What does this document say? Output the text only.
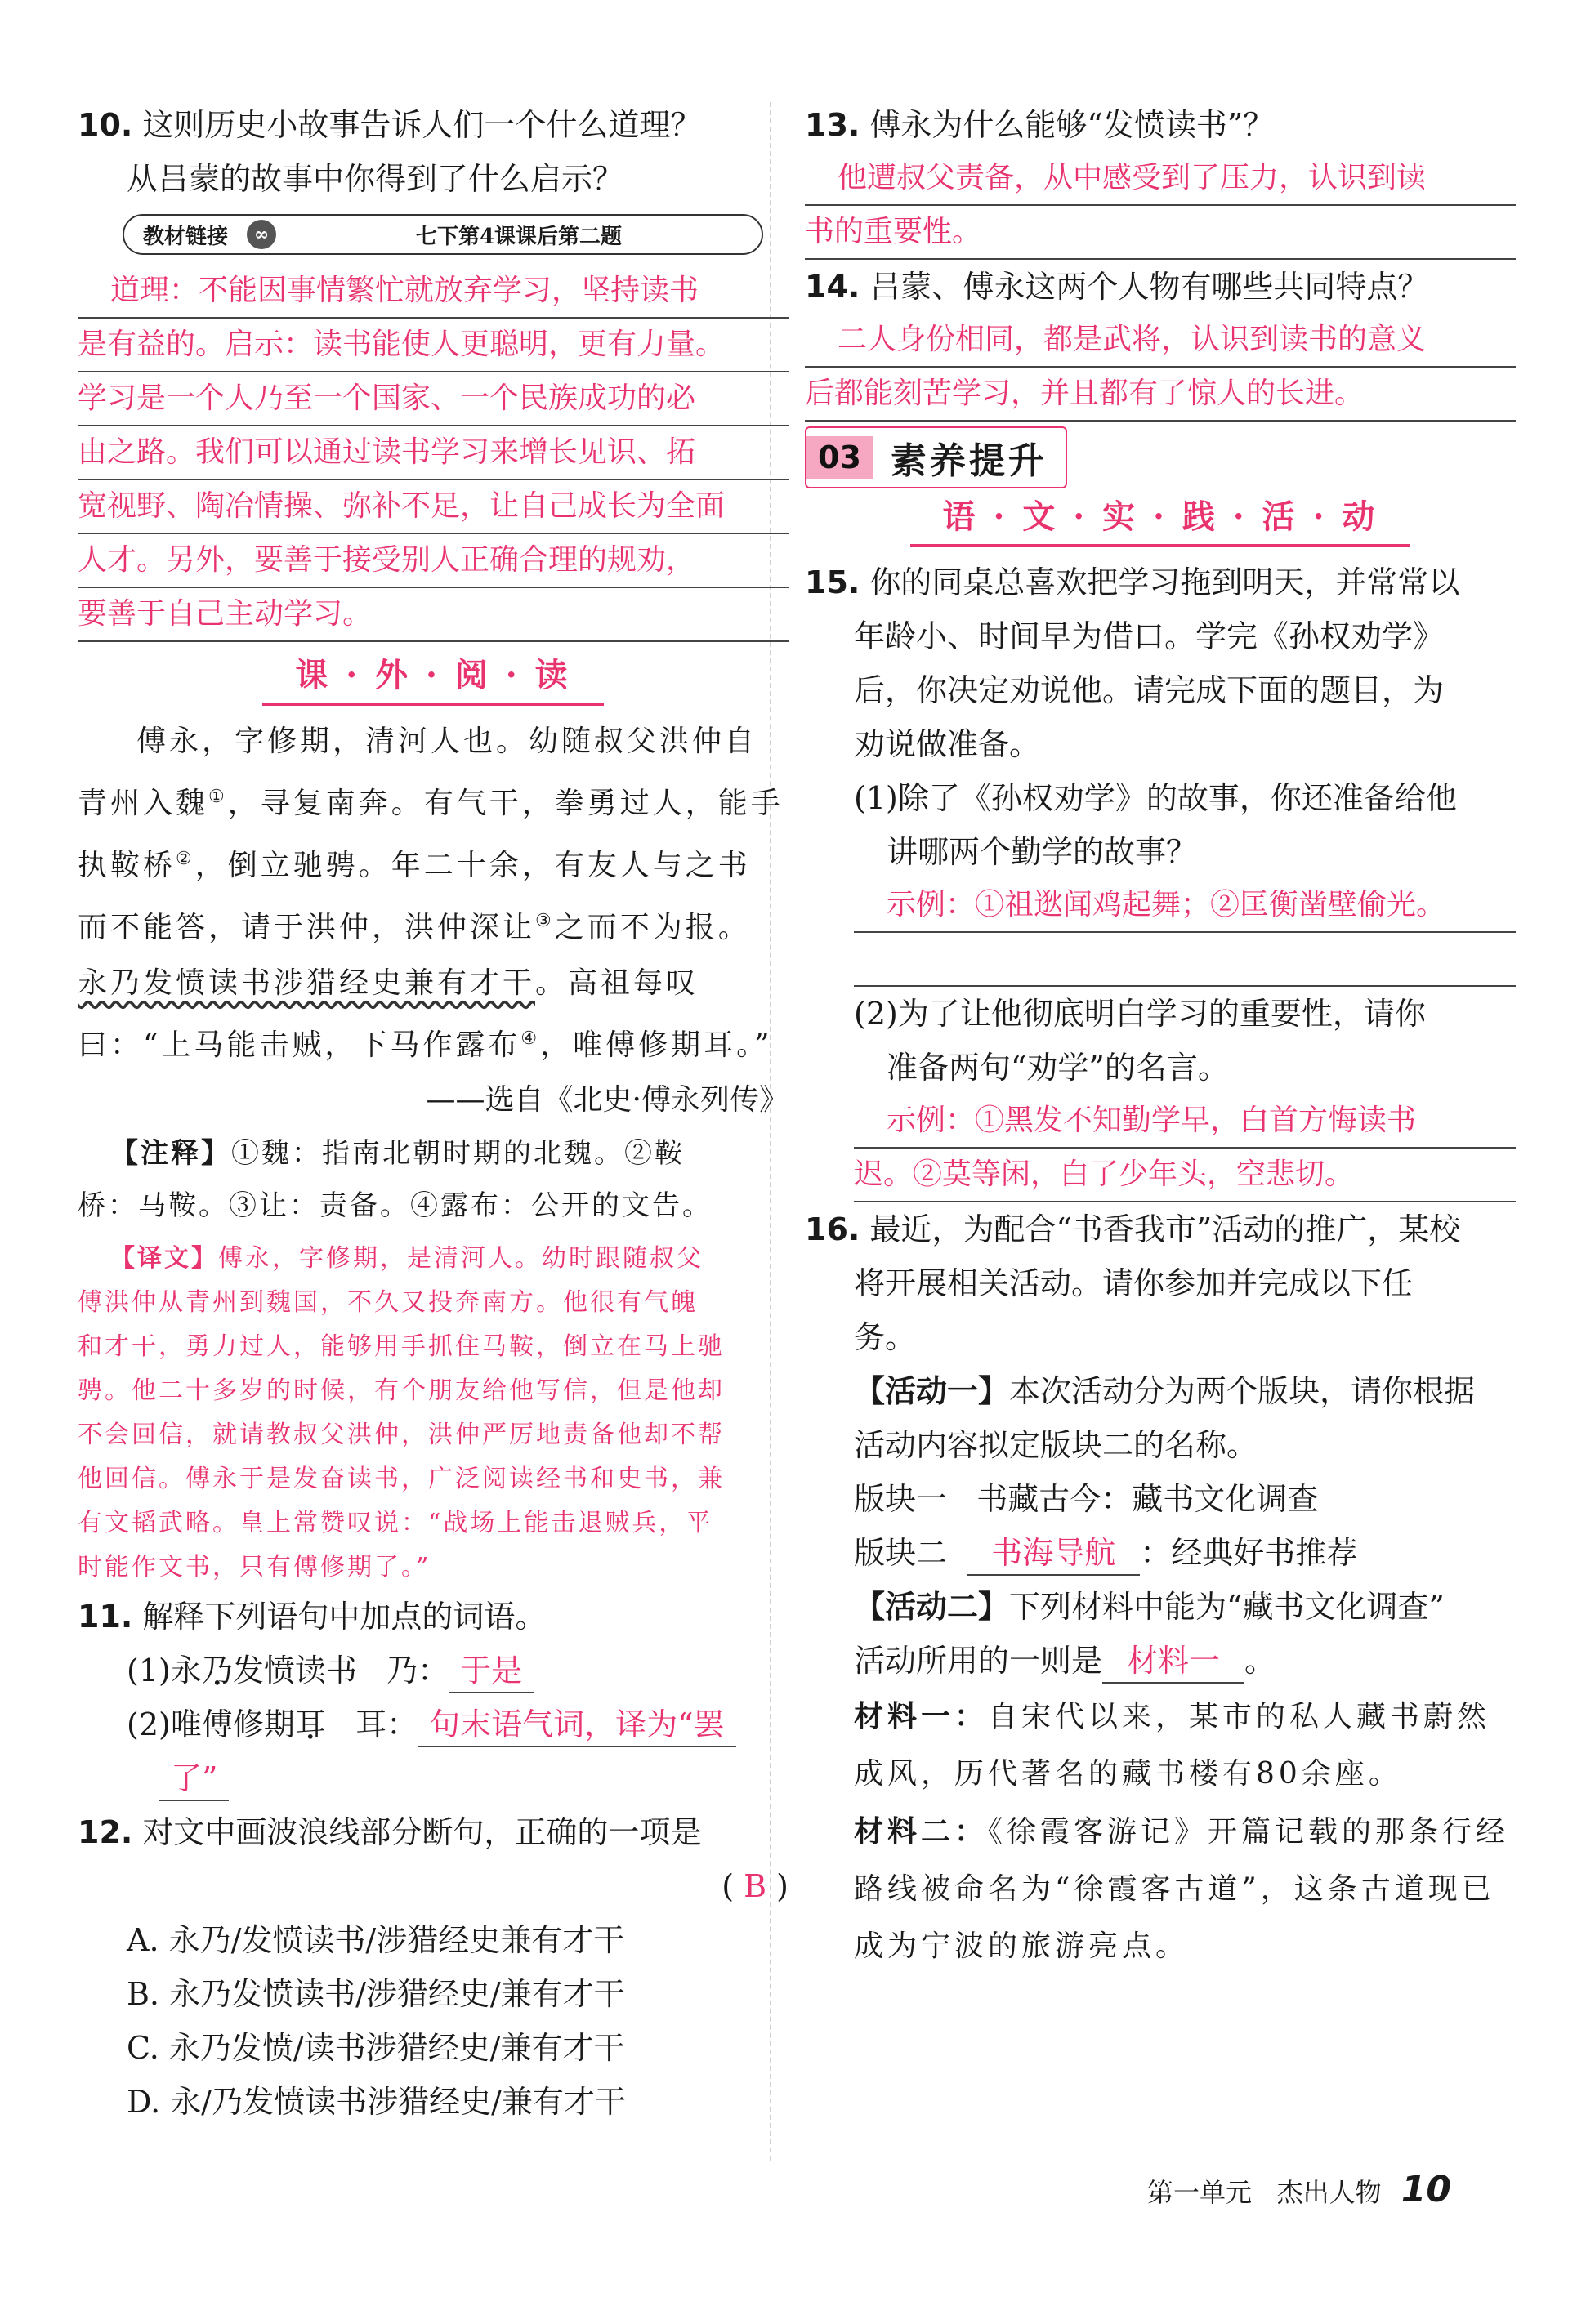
10. 这则历史小故事告诉人们一个什么道理？
从吕蒙的故事中你得到了什么启示？
教材链接	∞	七下第4课课后第二题
道理：不能因事情繁忙就放弃学习，坚持读书
是有益的。启示：读书能使人更聪明，更有力量。
学习是一个人乃至一个国家、一个民族成功的必
由之路。我们可以通过读书学习来增长见识、拓
宽视野、陶冶情操、弥补不足，让自己成长为全面
人才。另外，要善于接受别人正确合理的规劝，
要善于自己主动学习。
课 · 外 · 阅 · 读
傅永，字修期，清河人也。幼随叔父洪仲自
青州入魏①，寻复南奔。有气干，拳勇过人，能手
执鞍桥②，倒立驰骋。年二十余，有友人与之书
而不能答，请于洪仲，洪仲深让③之而不为报。
永乃发愤读书涉猎经史兼有才干。高祖每叹
曰：“上马能击贼，下马作露布④，唯傅修期耳。”
——选自《北史·傅永列传》
【注释】①魏：指南北朝时期的北魏。②鞍
桥：马鞍。③让：责备。④露布：公开的文告。
【译文】傅永，字修期，是清河人。幼时跟随叔父
傅洪仲从青州到魏国，不久又投奔南方。他很有气魄
和才干，勇力过人，能够用手抓住马鞍，倒立在马上驰
骋。他二十多岁的时候，有个朋友给他写信，但是他却
不会回信，就请教叔父洪仲，洪仲严厉地责备他却不帮
他回信。傅永于是发奋读书，广泛阅读经书和史书，兼
有文韬武略。皇上常赞叹说：“战场上能击退贼兵，平
时能作文书，只有傅修期了。”
11. 解释下列语句中加点的词语。
(1)永乃发愤读书 乃： 于是
(2)唯傅修期耳 耳： 句末语气词，译为“罢
了”
12. 对文中画波浪线部分断句，正确的一项是
( B )
A. 永乃/发愤读书/涉猎经史兼有才干
B. 永乃发愤读书/涉猎经史/兼有才干
C. 永乃发愤/读书涉猎经史/兼有才干
D. 永/乃发愤读书涉猎经史/兼有才干
13. 傅永为什么能够“发愤读书”？
他遭叔父责备，从中感受到了压力，认识到读
书的重要性。
14. 吕蒙、傅永这两个人物有哪些共同特点？
二人身份相同，都是武将，认识到读书的意义
后都能刻苦学习，并且都有了惊人的长进。
03 素养提升
语 · 文 · 实 · 践 · 活 · 动
15. 你的同桌总喜欢把学习拖到明天，并常常以
年龄小、时间早为借口。学完《孙权劝学》
后，你决定劝说他。请完成下面的题目，为
劝说做准备。
(1)除了《孙权劝学》的故事，你还准备给他
讲哪两个勤学的故事？
示例：①祖逖闻鸡起舞；②匡衡凿壁偷光。

(2)为了让他彻底明白学习的重要性，请你
准备两句“劝学”的名言。
示例：①黑发不知勤学早，白首方悔读书
迟。②莫等闲，白了少年头，空悲切。
16. 最近，为配合“书香我市”活动的推广，某校
将开展相关活动。请你参加并完成以下任
务。
【活动一】本次活动分为两个版块，请你根据
活动内容拟定版块二的名称。
版块一 书藏古今：藏书文化调查
版块二 书海导航 ：经典好书推荐
【活动二】下列材料中能为“藏书文化调查”
活动所用的一则是 材料一 。
材料一：自宋代以来，某市的私人藏书蔚然
成风，历代著名的藏书楼有80余座。
材料二：《徐霞客游记》开篇记载的那条行经
路线被命名为“徐霞客古道”，这条古道现已
成为宁波的旅游亮点。
第一单元 杰出人物 10
